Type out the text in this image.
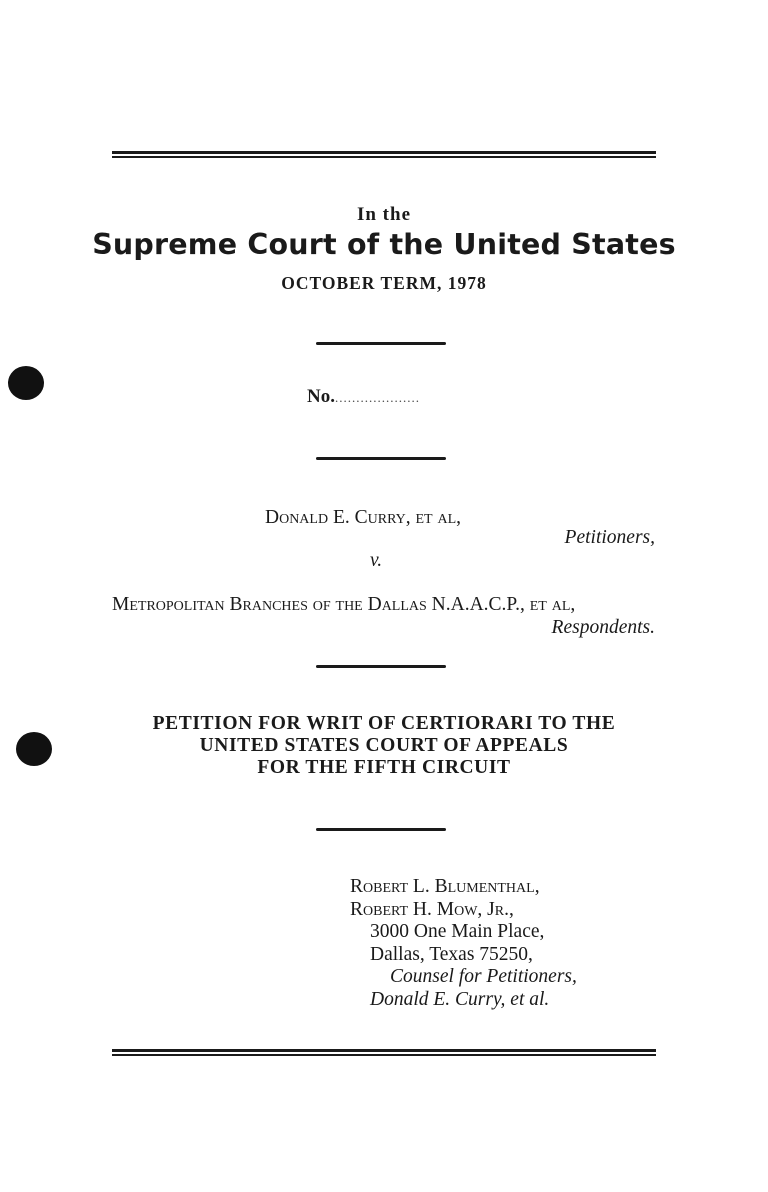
In the
Supreme Court of the United States
OCTOBER TERM, 1978
No.....................
Donald E. Curry, et al,
Petitioners,
v.
Metropolitan Branches of the Dallas N.A.A.C.P., et al,
Respondents.
PETITION FOR WRIT OF CERTIORARI TO THE
UNITED STATES COURT OF APPEALS
FOR THE FIFTH CIRCUIT
Robert L. Blumenthal,
Robert H. Mow, Jr.,
3000 One Main Place,
Dallas, Texas 75250,
Counsel for Petitioners,
Donald E. Curry, et al.
